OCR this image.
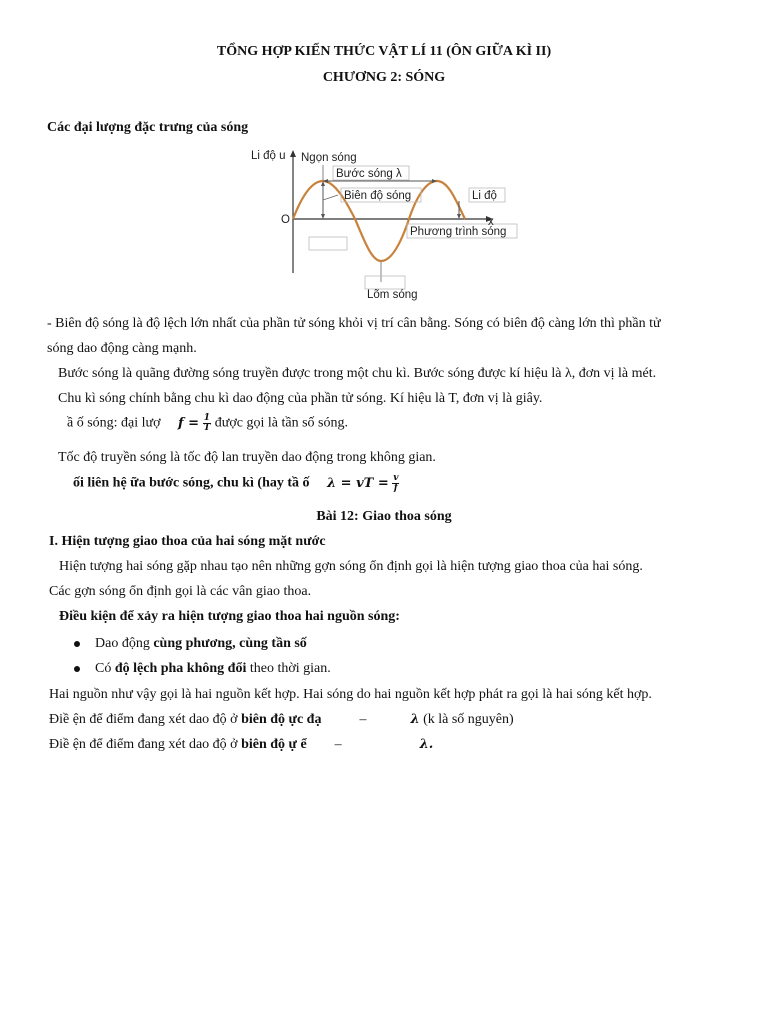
TỔNG HỢP KIẾN THỨC VẬT LÍ 11 (ÔN GIỮA KÌ II)
CHƯƠNG 2: SÓNG
Các đại lượng đặc trưng của sóng
Li độ u
x
O
Ngọn sóng
Bước sóng λ
Biên độ sóng	Li độ
Phương trình sóng
Lõm sóng
- Biên độ sóng là độ lệch lớn nhất của phần tử sóng khỏi vị trí cân bằng. Sóng có biên độ càng lớn thì phần tử
sóng dao động càng mạnh.
Bước sóng là quãng đường sóng truyền được trong một chu kì. Bước sóng được kí hiệu là λ, đơn vị là mét.
Chu kì sóng chính bằng chu kì dao động của phần tử sóng. Kí hiệu là T, đơn vị là giây.
ầ ố sóng: đại lượ $f = \frac{1}{T}$ được gọi là tần số sóng.
Tốc độ truyền sóng là tốc độ lan truyền dao động trong không gian.
ối liên hệ ữa bước sóng, chu kì (hay tầ ố λ = vT = $\frac{v}{f}$
Bài 12: Giao thoa sóng
I. Hiện tượng giao thoa của hai sóng mặt nước
Hiện tượng hai sóng gặp nhau tạo nên những gợn sóng ổn định gọi là hiện tượng giao thoa của hai sóng.
Các gợn sóng ổn định gọi là các vân giao thoa.
Điều kiện để xảy ra hiện tượng giao thoa hai nguồn sóng:
Dao động cùng phương, cùng tần số
Có độ lệch pha không đổi theo thời gian.
Hai nguồn như vậy gọi là hai nguồn kết hợp. Hai sóng do hai nguồn kết hợp phát ra gọi là hai sóng kết hợp.
Điề ện để điểm đang xét dao độ ở biên độ ực đạ	–	λ (k là số nguyên)
Điề ện để điểm đang xét dao độ ở biên độ ự ể –	λ.
